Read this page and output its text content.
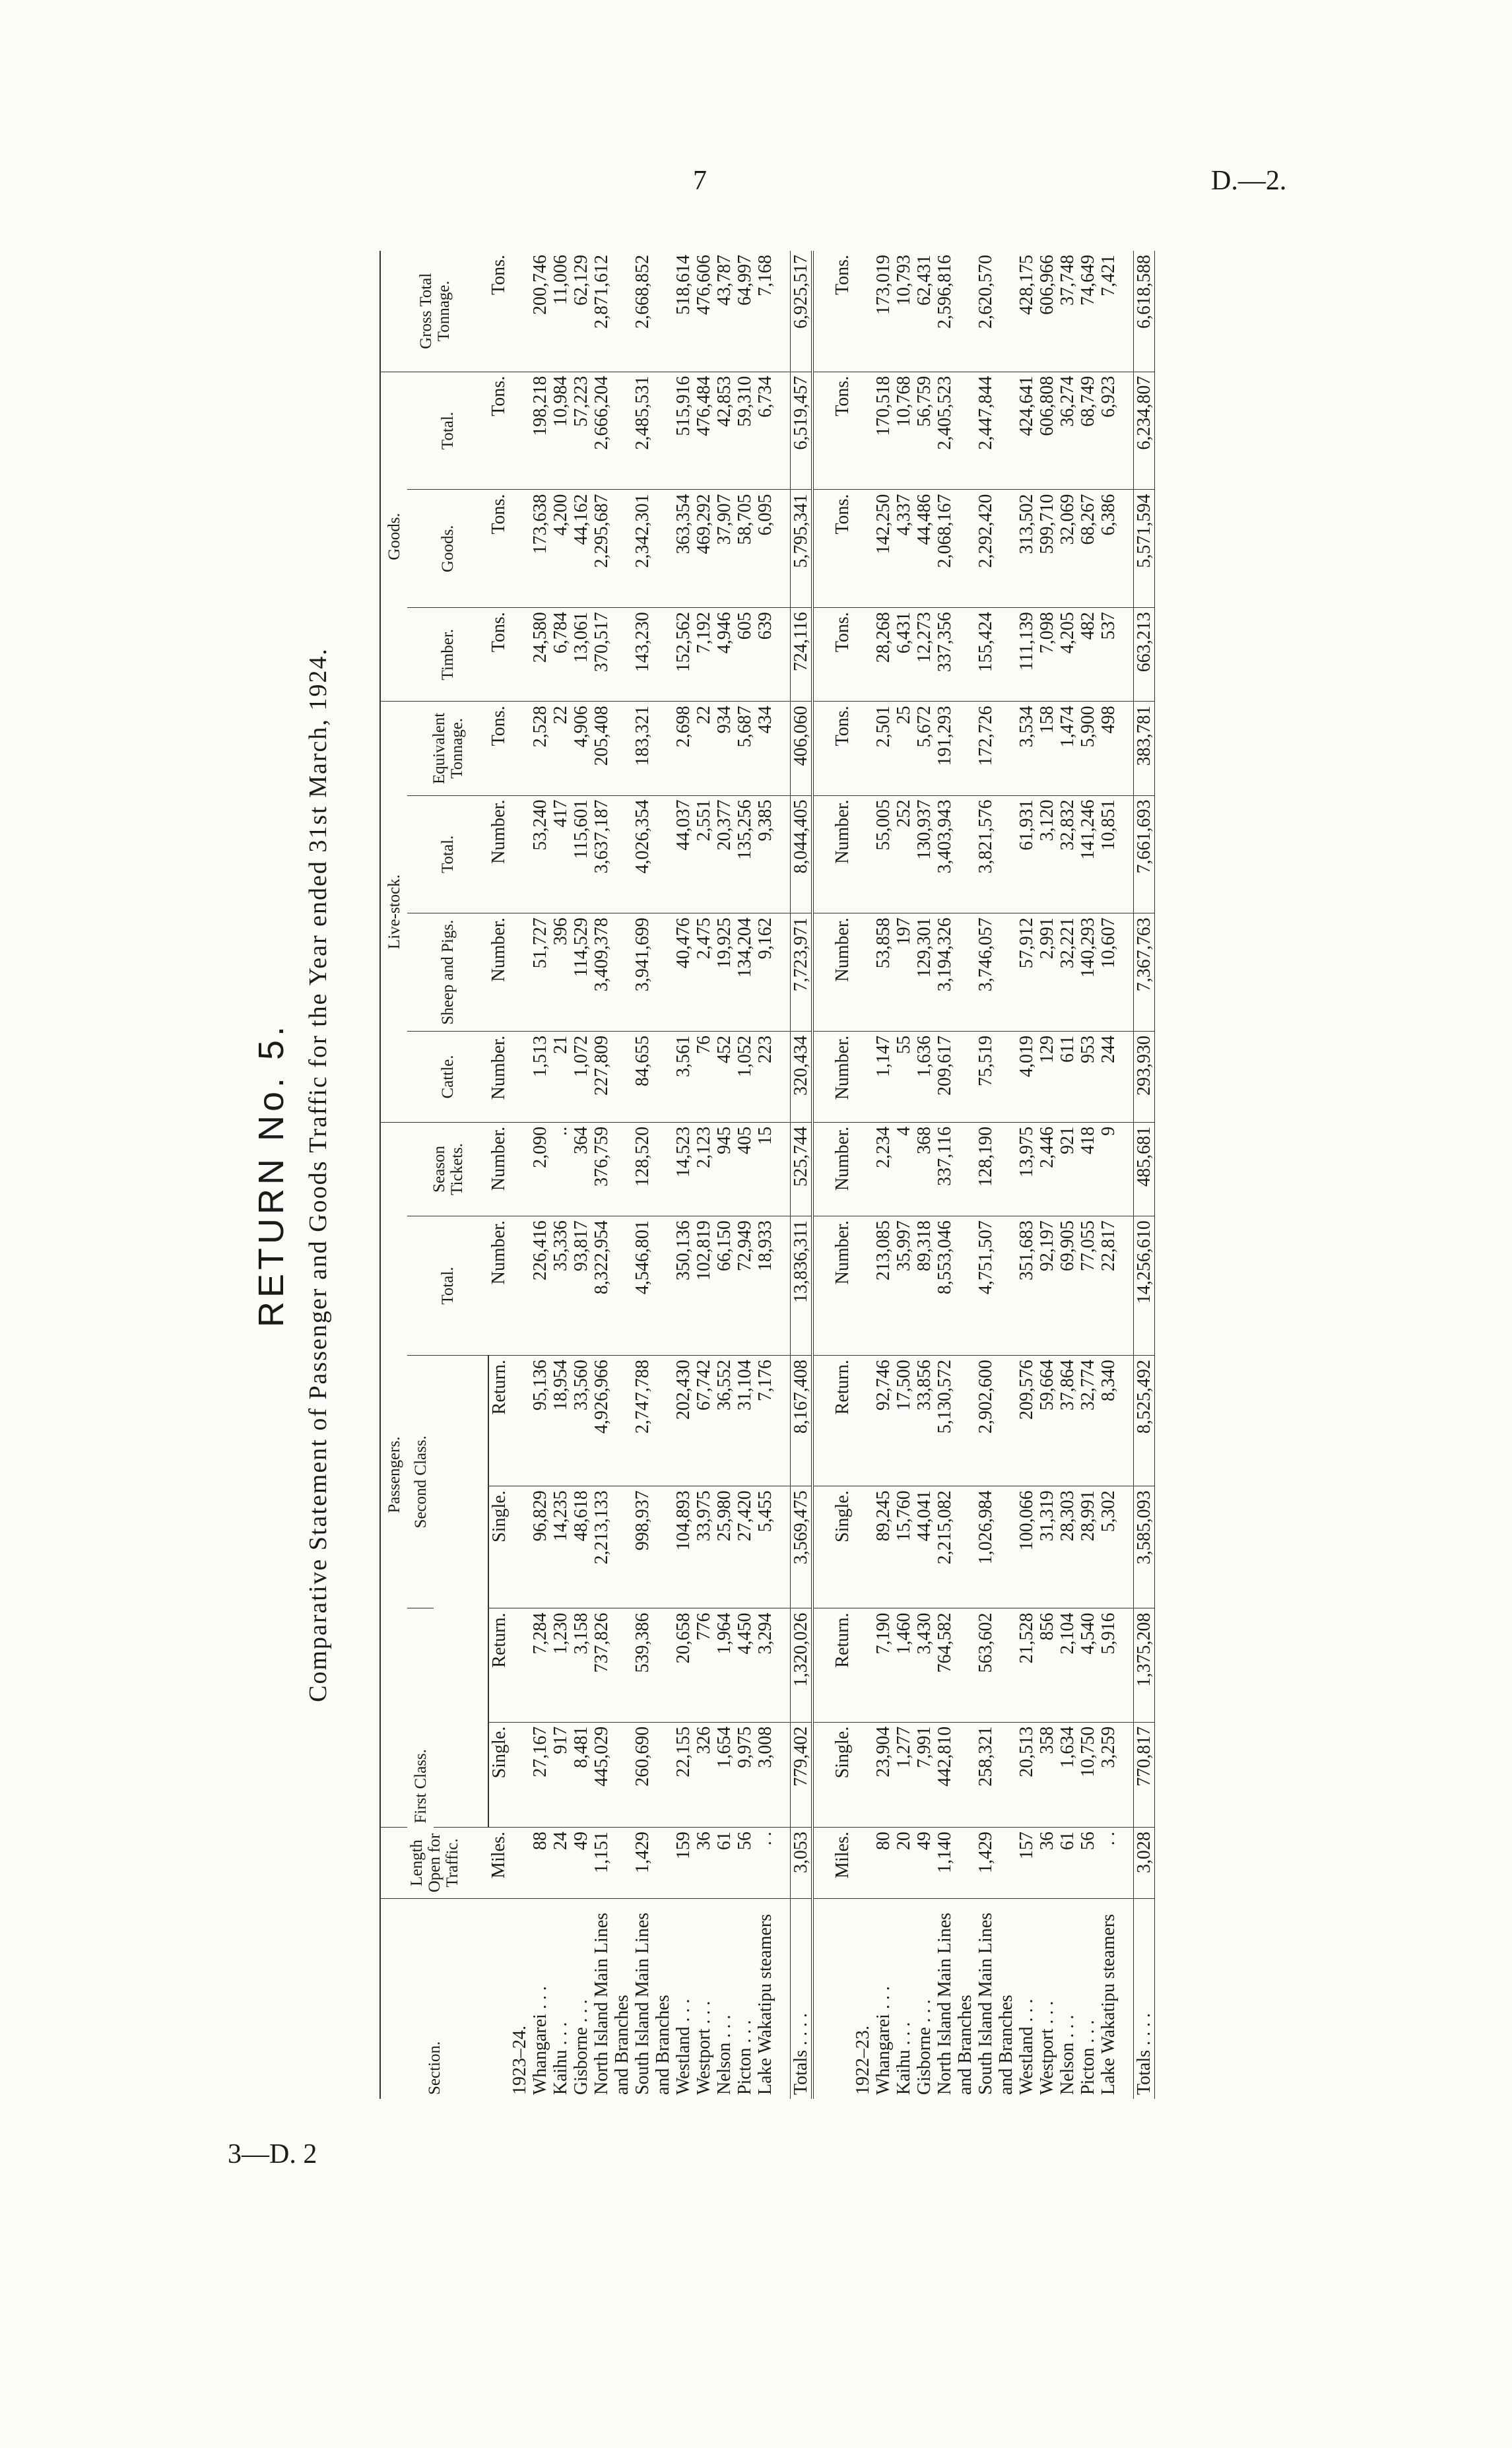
7	D.—2.
3—D. 2
RETURN No. 5. Comparative Statement of Passenger and Goods Traffic for the Year ended 31st March, 1924.
Section.	Length Open for Traffic.	Passengers.						Live-stock.				Goods.			Gross Total Tonnage.
		First Class.		Second Class.		Total.	Season Tickets.	Cattle.	Sheep and Pigs.	Total.	Equivalent Tonnage.	Timber.	Goods.	Total.	

	Miles.	Single.	Return.	Single.	Return.	Number.	Number.	Number.	Number.	Number.	Tons.	Tons.	Tons.	Tons.	Tons.
1923–24.															
Whangarei . . .	88	27,167	7,284	96,829	95,136	226,416	2,090	1,513	51,727	53,240	2,528	24,580	173,638	198,218	200,746
Kaihu . . .	24	917	1,230	14,235	18,954	35,336	..	21	396	417	22	6,784	4,200	10,984	11,006
Gisborne . . .	49	8,481	3,158	48,618	33,560	93,817	364	1,072	114,529	115,601	4,906	13,061	44,162	57,223	62,129
North Island Main Lines and Branches	1,151	445,029	737,826	2,213,133	4,926,966	8,322,954	376,759	227,809	3,409,378	3,637,187	205,408	370,517	2,295,687	2,666,204	2,871,612
South Island Main Lines and Branches	1,429	260,690	539,386	998,937	2,747,788	4,546,801	128,520	84,655	3,941,699	4,026,354	183,321	143,230	2,342,301	2,485,531	2,668,852
Westland . . .	159	22,155	20,658	104,893	202,430	350,136	14,523	3,561	40,476	44,037	2,698	152,562	363,354	515,916	518,614
Westport . . .	36	326	776	33,975	67,742	102,819	2,123	76	2,475	2,551	22	7,192	469,292	476,484	476,606
Nelson . . .	61	1,654	1,964	25,980	36,552	66,150	945	452	19,925	20,377	934	4,946	37,907	42,853	43,787
Picton . . .	56	9,975	4,450	27,420	31,104	72,949	405	1,052	134,204	135,256	5,687	605	58,705	59,310	64,997
Lake Wakatipu steamers	. .	3,008	3,294	5,455	7,176	18,933	15	223	9,162	9,385	434	639	6,095	6,734	7,168

Totals . . . .	3,053	779,402	1,320,026	3,569,475	8,167,408	13,836,311	525,744	320,434	7,723,971	8,044,405	406,060	724,116	5,795,341	6,519,457	6,925,517

	Miles.	Single.	Return.	Single.	Return.	Number.	Number.	Number.	Number.	Number.	Tons.	Tons.	Tons.	Tons.	Tons.
1922–23.															
Whangarei . . .	80	23,904	7,190	89,245	92,746	213,085	2,234	1,147	53,858	55,005	2,501	28,268	142,250	170,518	173,019
Kaihu . . .	20	1,277	1,460	15,760	17,500	35,997	4	55	197	252	25	6,431	4,337	10,768	10,793
Gisborne . . .	49	7,991	3,430	44,041	33,856	89,318	368	1,636	129,301	130,937	5,672	12,273	44,486	56,759	62,431
North Island Main Lines and Branches	1,140	442,810	764,582	2,215,082	5,130,572	8,553,046	337,116	209,617	3,194,326	3,403,943	191,293	337,356	2,068,167	2,405,523	2,596,816
South Island Main Lines and Branches	1,429	258,321	563,602	1,026,984	2,902,600	4,751,507	128,190	75,519	3,746,057	3,821,576	172,726	155,424	2,292,420	2,447,844	2,620,570
Westland . . .	157	20,513	21,528	100,066	209,576	351,683	13,975	4,019	57,912	61,931	3,534	111,139	313,502	424,641	428,175
Westport . . .	36	358	856	31,319	59,664	92,197	2,446	129	2,991	3,120	158	7,098	599,710	606,808	606,966
Nelson . . .	61	1,634	2,104	28,303	37,864	69,905	921	611	32,221	32,832	1,474	4,205	32,069	36,274	37,748
Picton . . .	56	10,750	4,540	28,991	32,774	77,055	418	953	140,293	141,246	5,900	482	68,267	68,749	74,649
Lake Wakatipu steamers	. .	3,259	5,916	5,302	8,340	22,817	9	244	10,607	10,851	498	537	6,386	6,923	7,421

Totals . . . .	3,028	770,817	1,375,208	3,585,093	8,525,492	14,256,610	485,681	293,930	7,367,763	7,661,693	383,781	663,213	5,571,594	6,234,807	6,618,588
